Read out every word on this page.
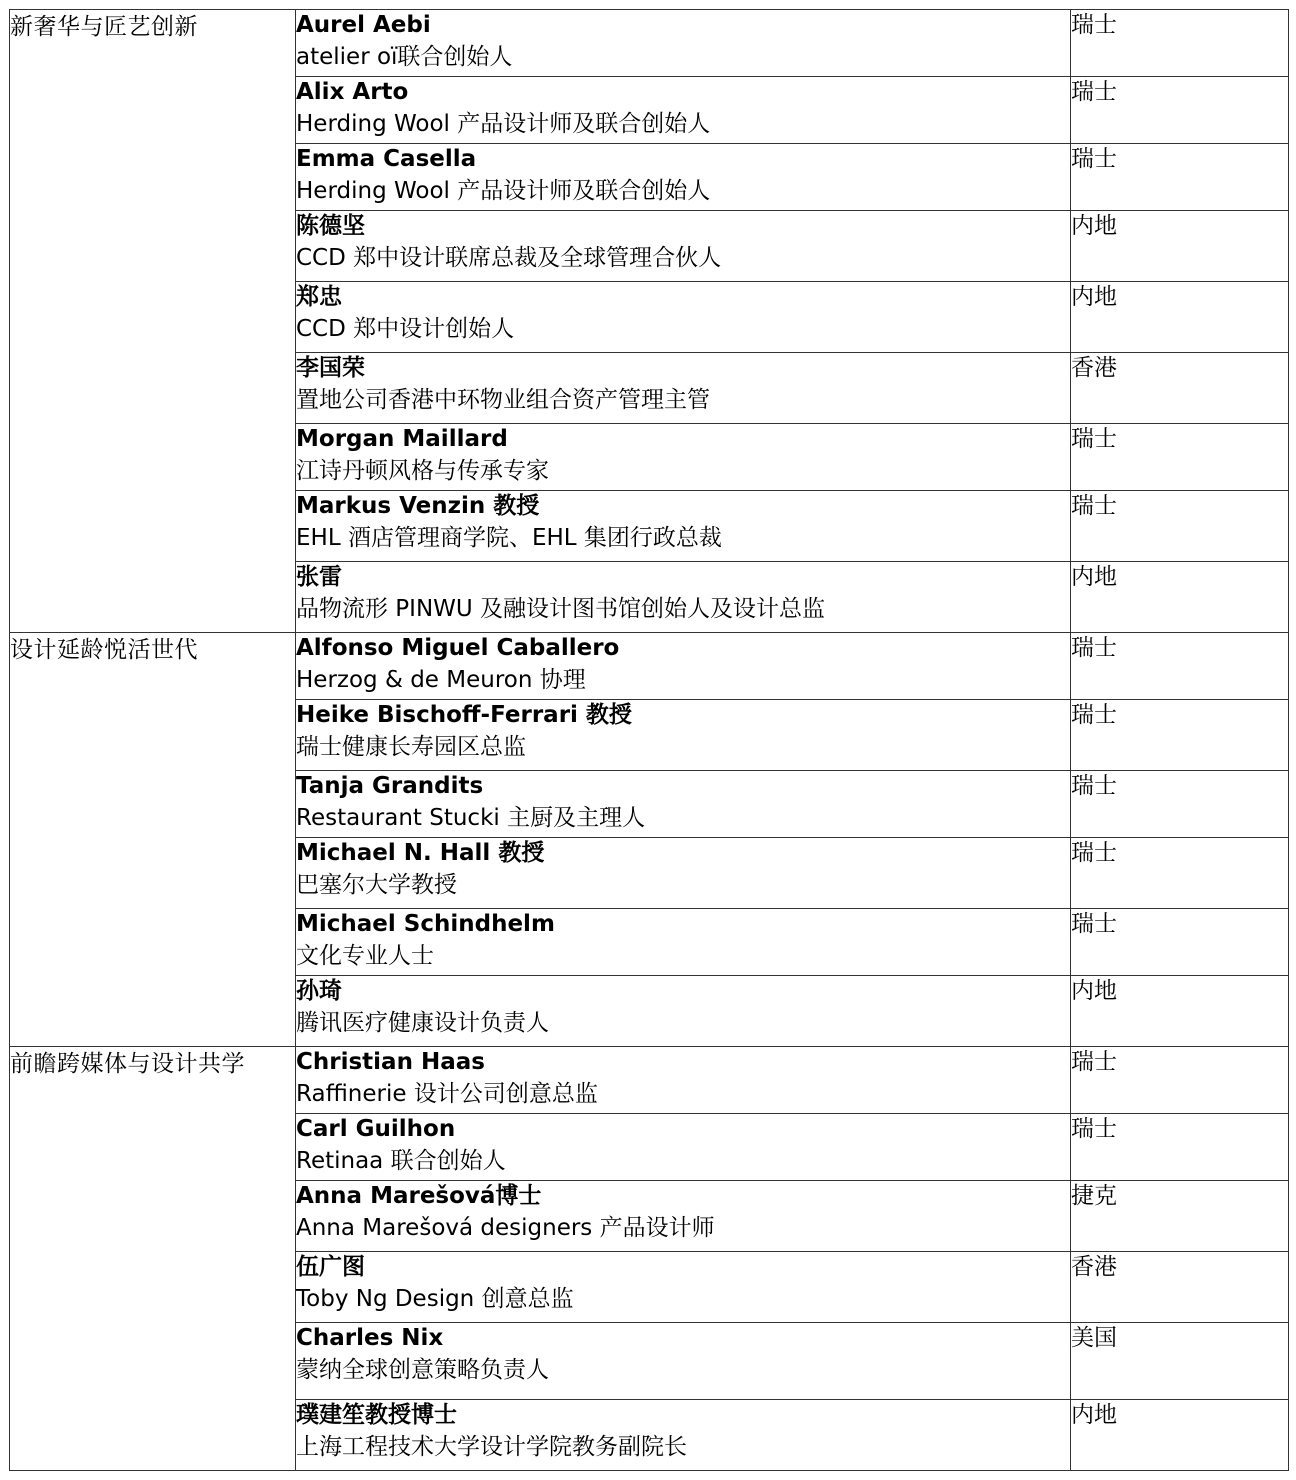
新奢华与匠艺创新	Aurel Aebi
atelier oï联合创始人	瑞士

	Alix Arto
Herding Wool 产品设计师及联合创始人	瑞士

	Emma Casella
Herding Wool 产品设计师及联合创始人	瑞士

	陈德坚
CCD 郑中设计联席总裁及全球管理合伙人	内地

	郑忠
CCD 郑中设计创始人	内地

	李国荣
置地公司香港中环物业组合资产管理主管	香港

	Morgan Maillard
江诗丹顿风格与传承专家	瑞士

	Markus Venzin 教授
EHL 酒店管理商学院、EHL 集团行政总裁	瑞士

	张雷
品物流形 PINWU 及融设计图书馆创始人及设计总监	内地
设计延龄悦活世代	Alfonso Miguel Caballero
Herzog & de Meuron 协理	瑞士

	Heike Bischoff-Ferrari 教授
瑞士健康长寿园区总监	瑞士

	Tanja Grandits
Restaurant Stucki 主厨及主理人	瑞士

	Michael N. Hall 教授
巴塞尔大学教授	瑞士

	Michael Schindhelm
文化专业人士	瑞士

	孙琦
腾讯医疗健康设计负责人	内地
前瞻跨媒体与设计共学	Christian Haas
Raffinerie 设计公司创意总监	瑞士

	Carl Guilhon
Retinaa 联合创始人	瑞士

	Anna Marešová博士
Anna Marešová designers 产品设计师	捷克

	伍广图
Toby Ng Design 创意总监	香港

	Charles Nix
蒙纳全球创意策略负责人	美国

	璞建笙教授博士
上海工程技术大学设计学院教务副院长	内地
